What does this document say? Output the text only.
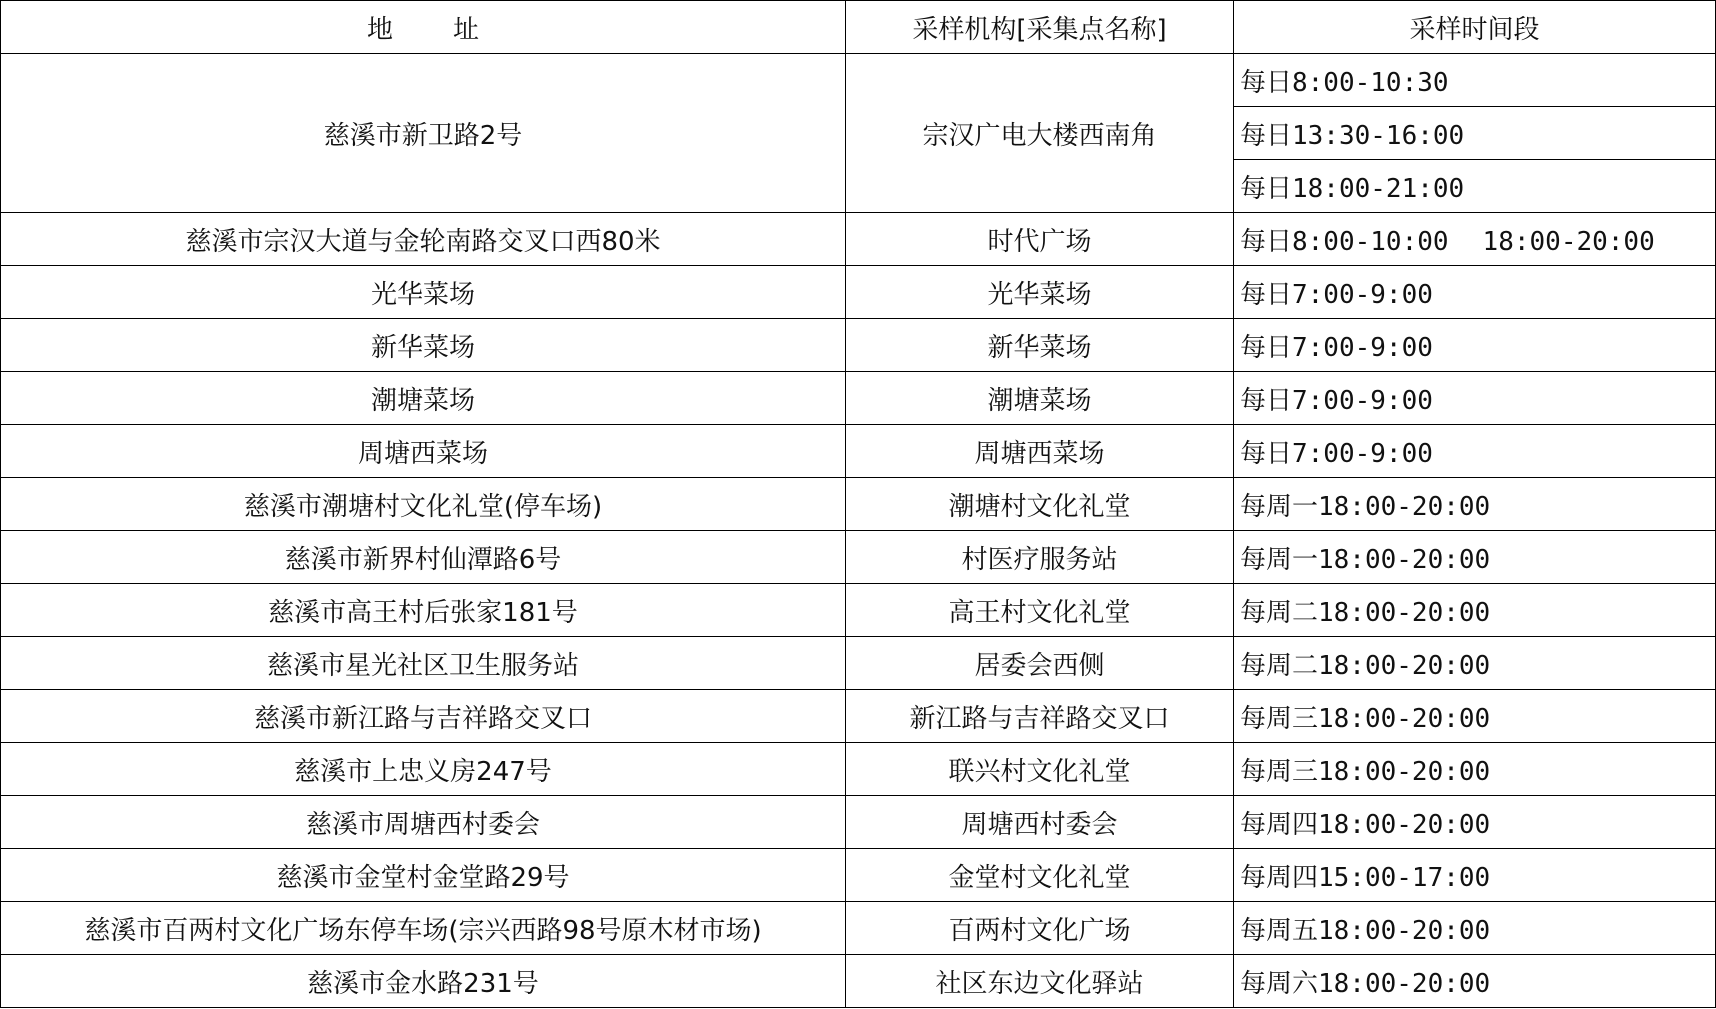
地 址	采样机构[采集点名称]	采样时间段
慈溪市新卫路2号	宗汉广电大楼西南角	每日8:00-10:30
		每日13:30-16:00
		每日18:00-21:00
慈溪市宗汉大道与金轮南路交叉口西80米	时代广场	每日8:00-10:00 18:00-20:00
光华菜场	光华菜场	每日7:00-9:00
新华菜场	新华菜场	每日7:00-9:00
潮塘菜场	潮塘菜场	每日7:00-9:00
周塘西菜场	周塘西菜场	每日7:00-9:00
慈溪市潮塘村文化礼堂(停车场)	潮塘村文化礼堂	每周一18:00-20:00
慈溪市新界村仙潭路6号	村医疗服务站	每周一18:00-20:00
慈溪市高王村后张家181号	高王村文化礼堂	每周二18:00-20:00
慈溪市星光社区卫生服务站	居委会西侧	每周二18:00-20:00
慈溪市新江路与吉祥路交叉口	新江路与吉祥路交叉口	每周三18:00-20:00
慈溪市上忠义房247号	联兴村文化礼堂	每周三18:00-20:00
慈溪市周塘西村委会	周塘西村委会	每周四18:00-20:00
慈溪市金堂村金堂路29号	金堂村文化礼堂	每周四15:00-17:00
慈溪市百两村文化广场东停车场(宗兴西路98号原木材市场)	百两村文化广场	每周五18:00-20:00
慈溪市金水路231号	社区东边文化驿站	每周六18:00-20:00
